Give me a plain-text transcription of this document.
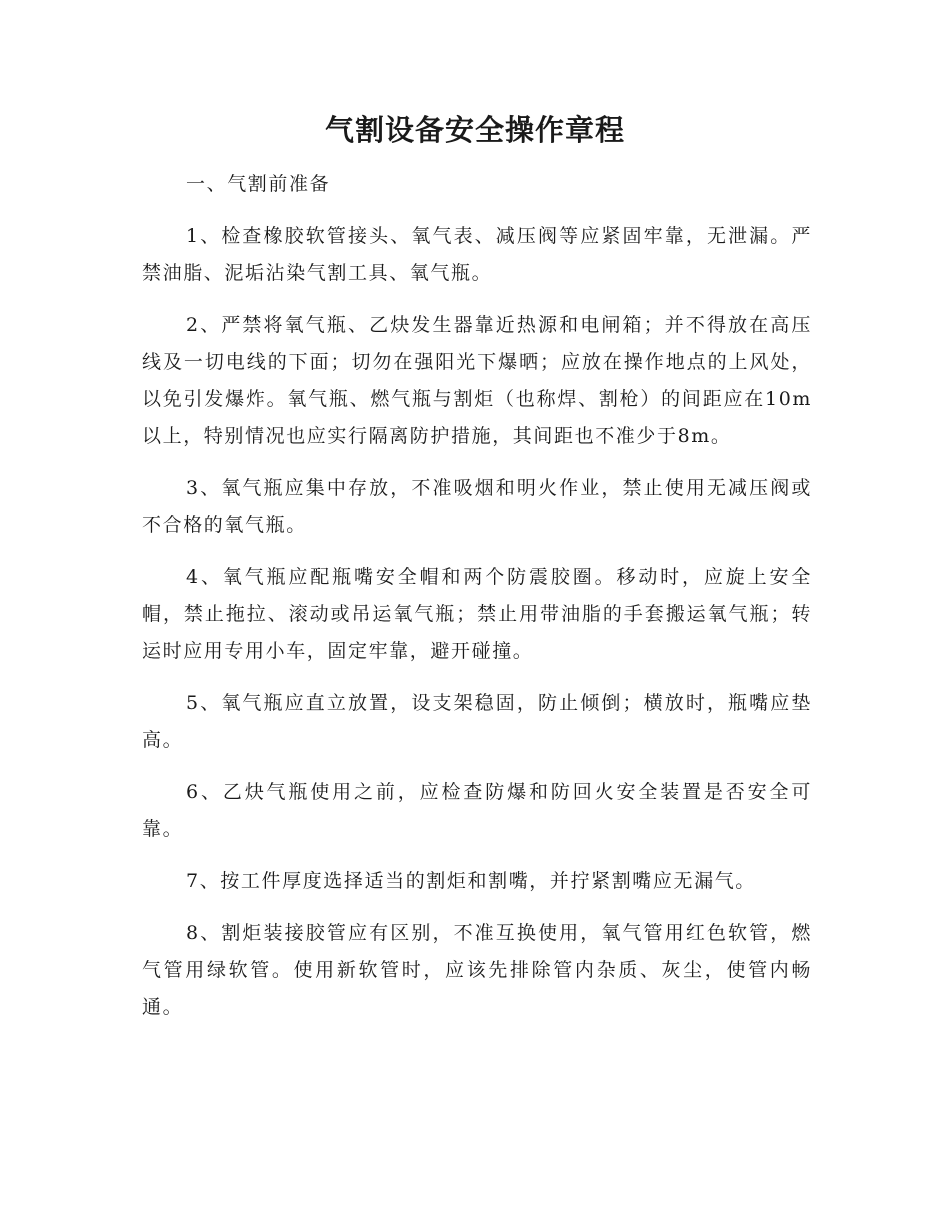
气割设备安全操作章程

一、气割前准备

1、检查橡胶软管接头、氧气表、减压阀等应紧固牢靠，无泄漏。严禁油脂、泥垢沾染气割工具、氧气瓶。

2、严禁将氧气瓶、乙炔发生器靠近热源和电闸箱；并不得放在高压线及一切电线的下面；切勿在强阳光下爆晒；应放在操作地点的上风处，以免引发爆炸。氧气瓶、燃气瓶与割炬（也称焊、割枪）的间距应在10m以上，特别情况也应实行隔离防护措施，其间距也不准少于8m。

3、氧气瓶应集中存放，不准吸烟和明火作业，禁止使用无减压阀或不合格的氧气瓶。

4、氧气瓶应配瓶嘴安全帽和两个防震胶圈。移动时，应旋上安全帽，禁止拖拉、滚动或吊运氧气瓶；禁止用带油脂的手套搬运氧气瓶；转运时应用专用小车，固定牢靠，避开碰撞。

5、氧气瓶应直立放置，设支架稳固，防止倾倒；横放时，瓶嘴应垫高。

6、乙炔气瓶使用之前，应检查防爆和防回火安全装置是否安全可靠。

7、按工件厚度选择适当的割炬和割嘴，并拧紧割嘴应无漏气。

8、割炬装接胶管应有区别，不准互换使用，氧气管用红色软管，燃气管用绿软管。使用新软管时，应该先排除管内杂质、灰尘，使管内畅通。
